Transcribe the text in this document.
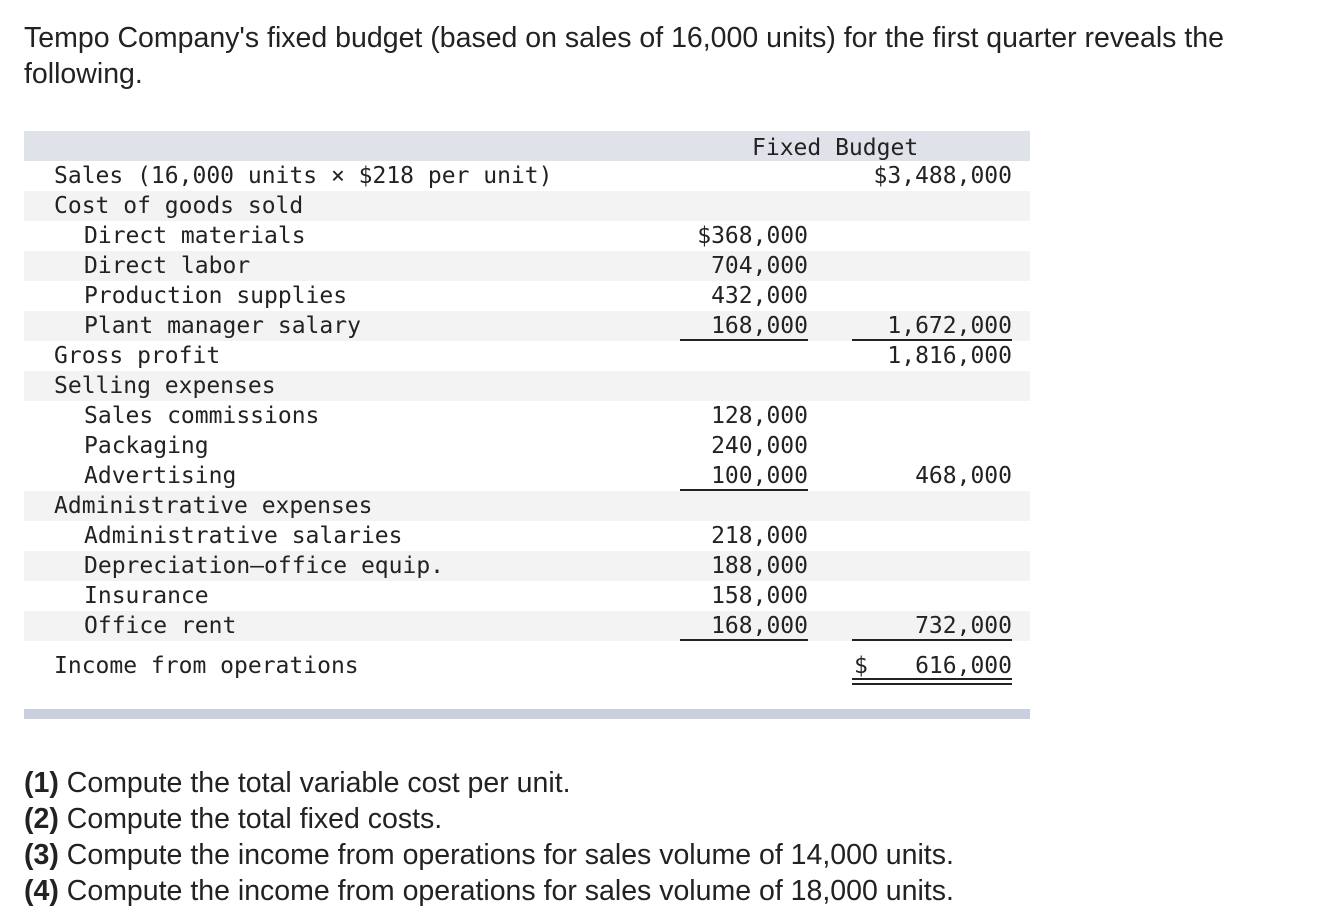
Tempo Company's fixed budget (based on sales of 16,000 units) for the first quarter reveals the following.

Fixed Budget
Sales (16,000 units × $218 per unit)	$3,488,000
Cost of goods sold
Direct materials	$368,000
Direct labor	704,000
Production supplies	432,000
Plant manager salary	168,000	1,672,000
Gross profit	1,816,000
Selling expenses
Sales commissions	128,000
Packaging	240,000
Advertising	100,000	468,000
Administrative expenses
Administrative salaries	218,000
Depreciation—office equip.	188,000
Insurance	158,000
Office rent	168,000	732,000
Income from operations	$	616,000
(1) Compute the total variable cost per unit.
(2) Compute the total fixed costs.
(3) Compute the income from operations for sales volume of 14,000 units.
(4) Compute the income from operations for sales volume of 18,000 units.
